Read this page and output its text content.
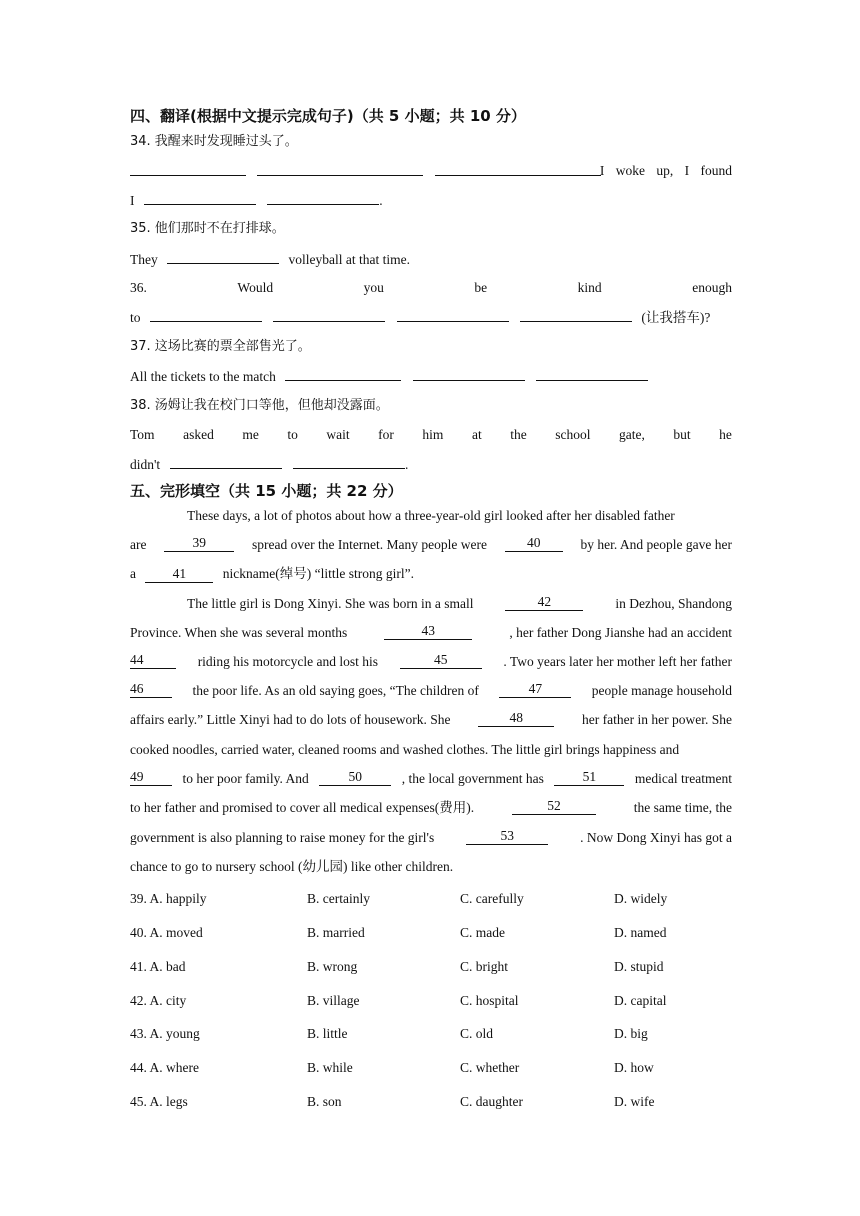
四、翻译(根据中文提示完成句子)（共 5 小题；共 10 分）
34. 我醒来时发现睡过头了。

I woke up, I found
I	.
35. 他们那时不在打排球。
They	volleyball at that time.
36.	Would	you	be	kind	enough
to	(让我搭车)?
37. 这场比赛的票全部售光了。
All the tickets to the match
38. 汤姆让我在校门口等他，但他却没露面。
Tom asked me to wait for him at the school gate, but he
didn't	.
五、完形填空（共 15 小题；共 22 分）
These days, a lot of photos about how a three-year-old girl looked after her disabled father
are	39	spread over the Internet. Many people were	40	by her. And people gave her
a	41	nickname(绰号) “little strong girl”.
The little girl is Dong Xinyi. She was born in a small	42	in Dezhou, Shandong
Province. When she was several months	43	, her father Dong Jianshe had an accident
44	riding his motorcycle and lost his	45	. Two years later her mother left her father
46	the poor life. As an old saying goes, “The children of	47	people manage household
affairs early.” Little Xinyi had to do lots of housework. She	48	her father in her power. She
cooked noodles, carried water, cleaned rooms and washed clothes. The little girl brings happiness and
49	to her poor family. And	50	, the local government has	51	medical treatment
to her father and promised to cover all medical expenses(费用).	52	the same time, the
government is also planning to raise money for the girl's	53	. Now Dong Xinyi has got a
chance to go to nursery school (幼儿园) like other children.
39. A. happily	B. certainly	C. carefully	D. widely
40. A. moved	B. married	C. made	D. named
41. A. bad	B. wrong	C. bright	D. stupid
42. A. city	B. village	C. hospital	D. capital
43. A. young	B. little	C. old	D. big
44. A. where	B. while	C. whether	D. how
45. A. legs	B. son	C. daughter	D. wife
